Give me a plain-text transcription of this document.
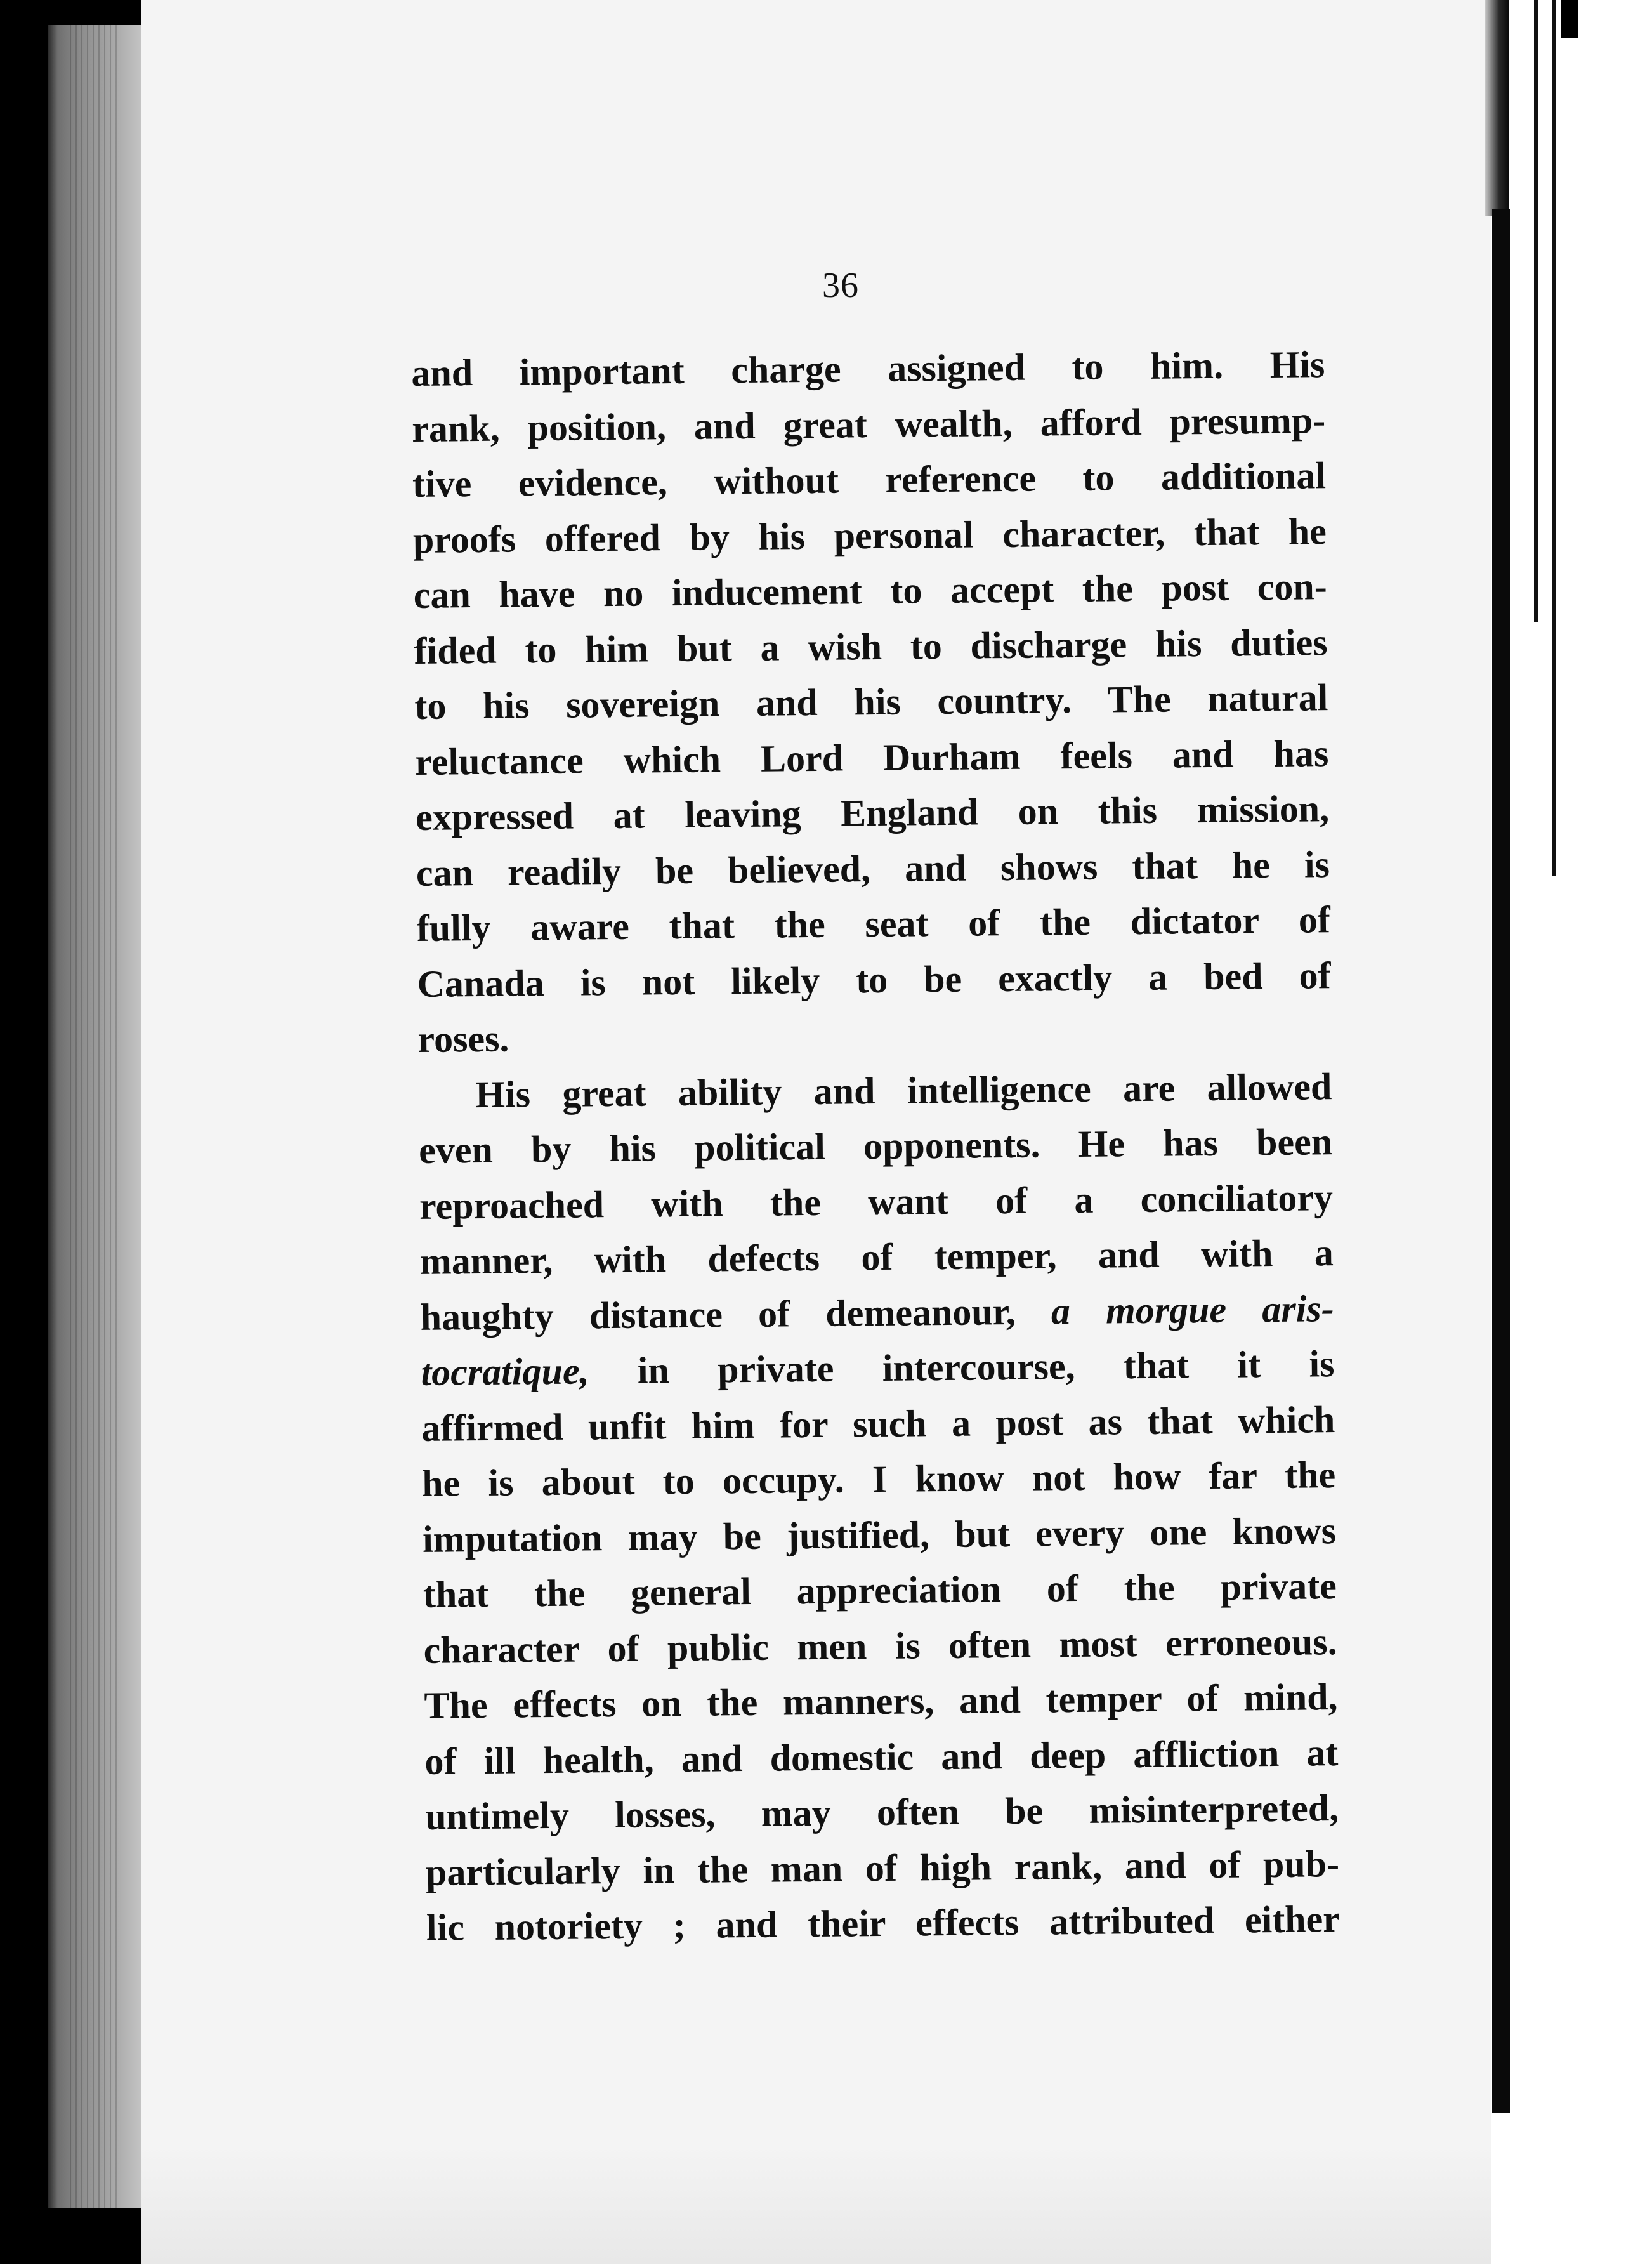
36
and important charge assigned to him. His
rank, position, and great wealth, afford presump-
tive evidence, without reference to additional
proofs offered by his personal character, that he
can have no inducement to accept the post con-
fided to him but a wish to discharge his duties
to his sovereign and his country. The natural
reluctance which Lord Durham feels and has
expressed at leaving England on this mission,
can readily be believed, and shows that he is
fully aware that the seat of the dictator of
Canada is not likely to be exactly a bed of
roses.
His great ability and intelligence are allowed
even by his political opponents. He has been
reproached with the want of a conciliatory
manner, with defects of temper, and with a
haughty distance of demeanour, a morgue aris-
tocratique, in private intercourse, that it is
affirmed unfit him for such a post as that which
he is about to occupy. I know not how far the
imputation may be justified, but every one knows
that the general appreciation of the private
character of public men is often most erroneous.
The effects on the manners, and temper of mind,
of ill health, and domestic and deep affliction at
untimely losses, may often be misinterpreted,
particularly in the man of high rank, and of pub-
lic notoriety ; and their effects attributed either
